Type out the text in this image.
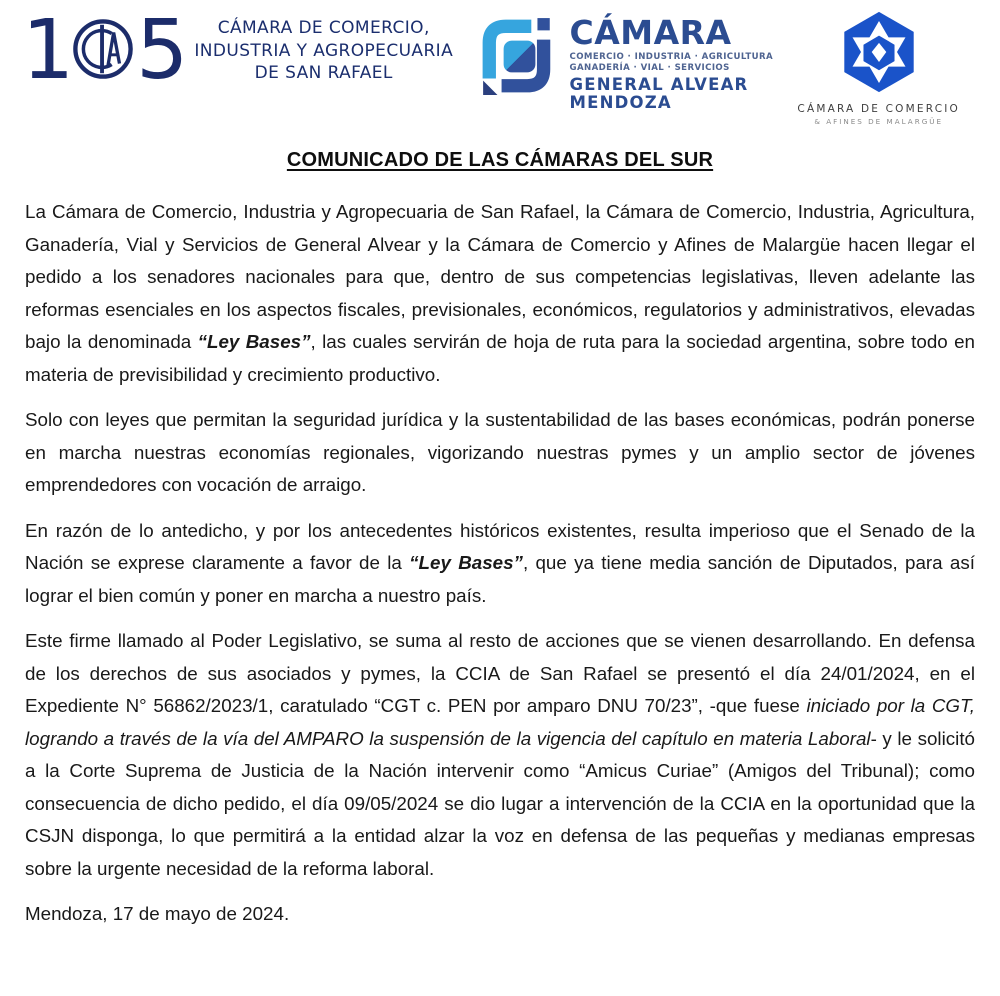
1 5	CÁMARA DE COMERCIO,
INDUSTRIA Y AGROPECUARIA
DE SAN RAFAEL
CÁMARA
COMERCIO · INDUSTRIA · AGRICULTURA
GANADERÍA · VIAL · SERVICIOS
GENERAL ALVEAR
MENDOZA	CÁMARA DE COMERCIO
& AFINES DE MALARGÜE
COMUNICADO DE LAS CÁMARAS DEL SUR

La Cámara de Comercio, Industria y Agropecuaria de San Rafael, la Cámara de Comercio, Industria, Agricultura, Ganadería, Vial y Servicios de General Alvear y la Cámara de Comercio y Afines de Malargüe hacen llegar el pedido a los senadores nacionales para que, dentro de sus competencias legislativas, lleven adelante las reformas esenciales en los aspectos fiscales, previsionales, económicos, regulatorios y administrativos, elevadas bajo la denominada “Ley Bases”, las cuales servirán de hoja de ruta para la sociedad argentina, sobre todo en materia de previsibilidad y crecimiento productivo.

Solo con leyes que permitan la seguridad jurídica y la sustentabilidad de las bases económicas, podrán ponerse en marcha nuestras economías regionales, vigorizando nuestras pymes y un amplio sector de jóvenes emprendedores con vocación de arraigo.

En razón de lo antedicho, y por los antecedentes históricos existentes, resulta imperioso que el Senado de la Nación se exprese claramente a favor de la “Ley Bases”, que ya tiene media sanción de Diputados, para así lograr el bien común y poner en marcha a nuestro país.

Este firme llamado al Poder Legislativo, se suma al resto de acciones que se vienen desarrollando. En defensa de los derechos de sus asociados y pymes, la CCIA de San Rafael se presentó el día 24/01/2024, en el Expediente N° 56862/2023/1, caratulado “CGT c. PEN por amparo DNU 70/23”, -que fuese iniciado por la CGT, logrando a través de la vía del AMPARO la suspensión de la vigencia del capítulo en materia Laboral- y le solicitó a la Corte Suprema de Justicia de la Nación intervenir como “Amicus Curiae” (Amigos del Tribunal); como consecuencia de dicho pedido, el día 09/05/2024 se dio lugar a intervención de la CCIA en la oportunidad que la CSJN disponga, lo que permitirá a la entidad alzar la voz en defensa de las pequeñas y medianas empresas sobre la urgente necesidad de la reforma laboral.

Mendoza, 17 de mayo de 2024.
